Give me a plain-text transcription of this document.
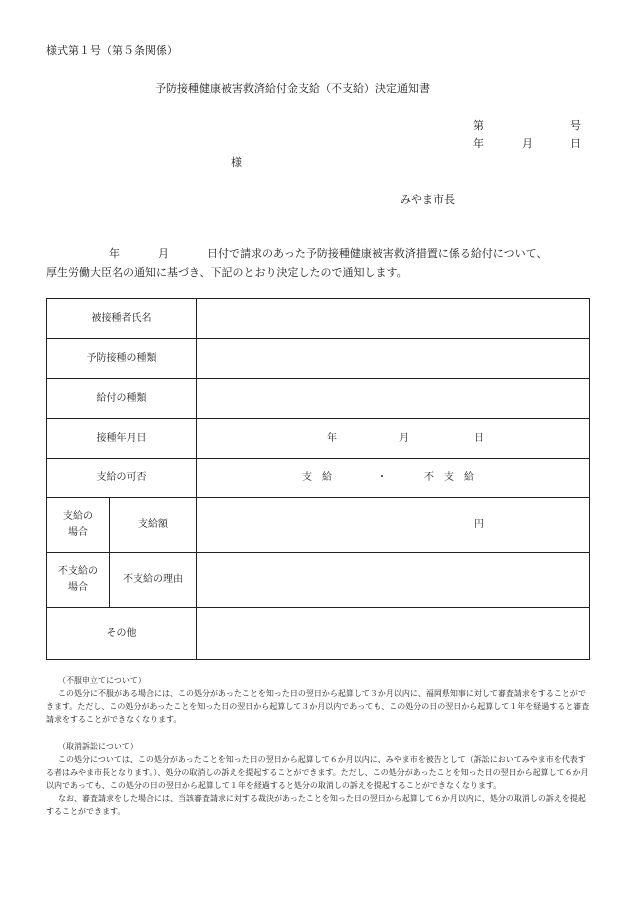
様式第１号（第５条関係）
予防接種健康被害救済給付金支給（不支給）決定通知書
第	号
年	月	日
様
みやま市長
年	月	日付で請求のあった予防接種健康被害救済措置に係る給付について、
厚生労働大臣名の通知に基づき、下記のとおり決定したので通知します。
被接種者氏名		
予防接種の種類		
給付の種類		
接種年月日		年 月 日

支給の可否		支　給 ・ 不　支　給

支給の
場合	支給額	円

不支給の
場合	不支給の理由	
その他		

（不服申立てについて）

この処分に不服がある場合には、この処分があったことを知った日の翌日から起算して３か月以内に、福岡県知事に対して審査請求をすることができます。ただし、この処分があったことを知った日の翌日から起算して３か月以内であっても、この処分の日の翌日から起算して１年を経過すると審査請求をすることができなくなります。

（取消訴訟について）

この処分については、この処分があったことを知った日の翌日から起算して６か月以内に、みやま市を被告として（訴訟においてみやま市を代表する者はみやま市長となります。）、処分の取消しの訴えを提起することができます。ただし、この処分があったことを知った日の翌日から起算して６か月以内であっても、この処分の日の翌日から起算して１年を経過すると処分の取消しの訴えを提起することができなくなります。

なお、審査請求をした場合には、当該審査請求に対する裁決があったことを知った日の翌日から起算して６か月以内に、処分の取消しの訴えを提起することができます。
